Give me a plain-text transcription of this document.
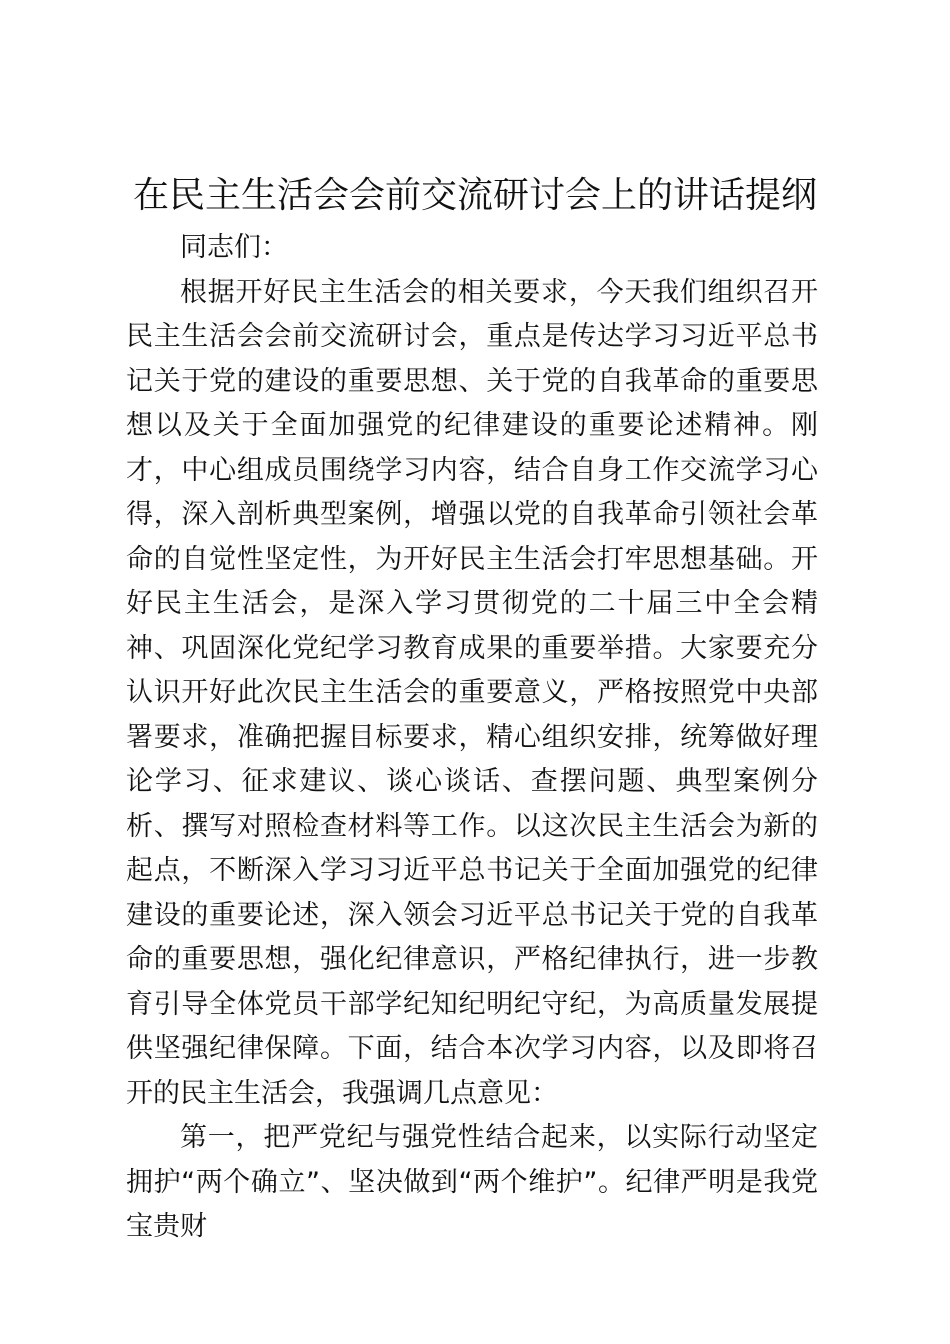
在民主生活会会前交流研讨会上的讲话提纲

同志们：

根据开好民主生活会的相关要求，今天我们组织召开民主生活会会前交流研讨会，重点是传达学习习近平总书记关于党的建设的重要思想、关于党的自我革命的重要思想以及关于全面加强党的纪律建设的重要论述精神。刚才，中心组成员围绕学习内容，结合自身工作交流学习心得，深入剖析典型案例，增强以党的自我革命引领社会革命的自觉性坚定性，为开好民主生活会打牢思想基础。开好民主生活会，是深入学习贯彻党的二十届三中全会精神、巩固深化党纪学习教育成果的重要举措。大家要充分认识开好此次民主生活会的重要意义，严格按照党中央部署要求，准确把握目标要求，精心组织安排，统筹做好理论学习、征求建议、谈心谈话、查摆问题、典型案例分析、撰写对照检查材料等工作。以这次民主生活会为新的起点，不断深入学习习近平总书记关于全面加强党的纪律建设的重要论述，深入领会习近平总书记关于党的自我革命的重要思想，强化纪律意识，严格纪律执行，进一步教育引导全体党员干部学纪知纪明纪守纪，为高质量发展提供坚强纪律保障。下面，结合本次学习内容，以及即将召开的民主生活会，我强调几点意见：

第一，把严党纪与强党性结合起来，以实际行动坚定拥护“两个确立”、坚决做到“两个维护”。纪律严明是我党宝贵财
